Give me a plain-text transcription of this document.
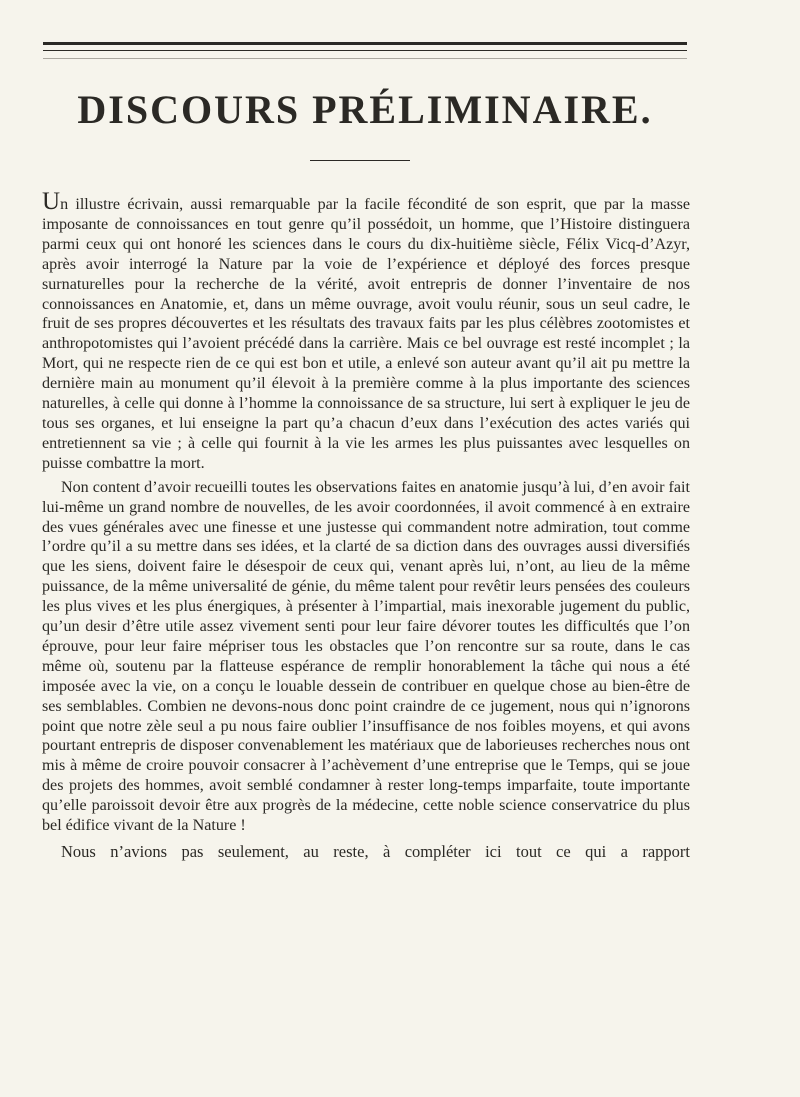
DISCOURS PRÉLIMINAIRE.

Un illustre écrivain, aussi remarquable par la facile fécondité de son esprit, que par la masse imposante de connoissances en tout genre qu’il possédoit, un homme, que l’Histoire distinguera parmi ceux qui ont honoré les sciences dans le cours du dix-huitième siècle, Félix Vicq-d’Azyr, après avoir interrogé la Nature par la voie de l’expérience et déployé des forces presque surnaturelles pour la recherche de la vérité, avoit entrepris de donner l’inventaire de nos connoissances en Anatomie, et, dans un même ouvrage, avoit voulu réunir, sous un seul cadre, le fruit de ses propres découvertes et les résultats des travaux faits par les plus célèbres zootomistes et anthropotomistes qui l’avoient précédé dans la carrière. Mais ce bel ouvrage est resté incomplet ; la Mort, qui ne respecte rien de ce qui est bon et utile, a enlevé son auteur avant qu’il ait pu mettre la dernière main au monument qu’il élevoit à la première comme à la plus importante des sciences naturelles, à celle qui donne à l’homme la connoissance de sa structure, lui sert à expliquer le jeu de tous ses organes, et lui enseigne la part qu’a chacun d’eux dans l’exécution des actes variés qui entretiennent sa vie ; à celle qui fournit à la vie les armes les plus puissantes avec lesquelles on puisse combattre la mort.

Non content d’avoir recueilli toutes les observations faites en anatomie jusqu’à lui, d’en avoir fait lui-même un grand nombre de nouvelles, de les avoir coordonnées, il avoit commencé à en extraire des vues générales avec une finesse et une justesse qui commandent notre admiration, tout comme l’ordre qu’il a su mettre dans ses idées, et la clarté de sa diction dans des ouvrages aussi diversifiés que les siens, doivent faire le désespoir de ceux qui, venant après lui, n’ont, au lieu de la même puissance, de la même universalité de génie, du même talent pour revêtir leurs pensées des couleurs les plus vives et les plus énergiques, à présenter à l’impartial, mais inexorable jugement du public, qu’un desir d’être utile assez vivement senti pour leur faire dévorer toutes les difficultés que l’on éprouve, pour leur faire mépriser tous les obstacles que l’on rencontre sur sa route, dans le cas même où, soutenu par la flatteuse espérance de remplir honorablement la tâche qui nous a été imposée avec la vie, on a conçu le louable dessein de contribuer en quelque chose au bien-être de ses semblables. Combien ne devons-nous donc point craindre de ce jugement, nous qui n’ignorons point que notre zèle seul a pu nous faire oublier l’insuffisance de nos foibles moyens, et qui avons pourtant entrepris de disposer convenablement les matériaux que de laborieuses recherches nous ont mis à même de croire pouvoir consacrer à l’achèvement d’une entreprise que le Temps, qui se joue des projets des hommes, avoit semblé condamner à rester long-temps imparfaite, toute importante qu’elle paroissoit devoir être aux progrès de la médecine, cette noble science conservatrice du plus bel édifice vivant de la Nature !

Nous n’avions pas seulement, au reste, à compléter ici tout ce qui a rapport
